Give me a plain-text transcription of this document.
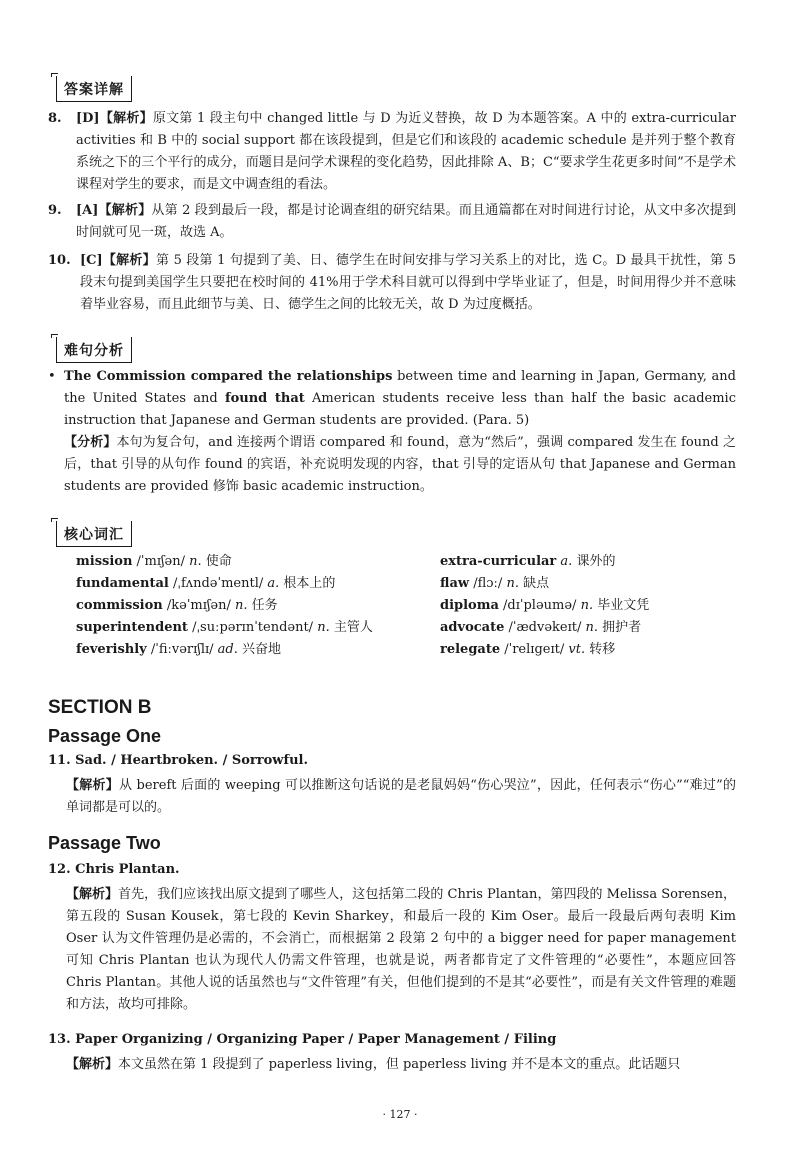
答案详解
8. [D]【解析】原文第 1 段主句中 changed little 与 D 为近义替换，故 D 为本题答案。A 中的 extra-curricular activities 和 B 中的 social support 都在该段提到，但是它们和该段的 academic schedule 是并列于整个教育系统之下的三个平行的成分，而题目是问学术课程的变化趋势，因此排除 A、B；C“要求学生花更多时间”不是学术课程对学生的要求，而是文中调查组的看法。
9. [A]【解析】从第 2 段到最后一段，都是讨论调查组的研究结果。而且通篇都在对时间进行讨论，从文中多次提到时间就可见一斑，故选 A。
10. [C]【解析】第 5 段第 1 句提到了美、日、德学生在时间安排与学习关系上的对比，选 C。D 最具干扰性，第 5 段末句提到美国学生只要把在校时间的 41%用于学术科目就可以得到中学毕业证了，但是，时间用得少并不意味着毕业容易，而且此细节与美、日、德学生之间的比较无关，故 D 为过度概括。
难句分析
• The Commission compared the relationships between time and learning in Japan, Germany, and the United States and found that American students receive less than half the basic academic instruction that Japanese and German students are provided. (Para. 5)
【分析】本句为复合句，and 连接两个谓语 compared 和 found，意为“然后”，强调 compared 发生在 found 之后，that 引导的从句作 found 的宾语，补充说明发现的内容，that 引导的定语从句 that Japanese and German students are provided 修饰 basic academic instruction。
核心词汇
mission /ˈmɪʃən/ n. 使命
fundamental /ˌfʌndəˈmentl/ a. 根本上的
commission /kəˈmɪʃən/ n. 任务
superintendent /ˌsuːpərɪnˈtendənt/ n. 主管人
feverishly /ˈfiːvərɪʃlɪ/ ad. 兴奋地
extra-curricular a. 课外的
flaw /flɔː/ n. 缺点
diploma /dɪˈpləumə/ n. 毕业文凭
advocate /ˈædvəkeɪt/ n. 拥护者
relegate /ˈrelɪgeɪt/ vt. 转移
SECTION B
Passage One
11. Sad. / Heartbroken. / Sorrowful.
【解析】从 bereft 后面的 weeping 可以推断这句话说的是老鼠妈妈“伤心哭泣”，因此，任何表示“伤心”“难过”的单词都是可以的。
Passage Two
12. Chris Plantan.
【解析】首先，我们应该找出原文提到了哪些人，这包括第二段的 Chris Plantan，第四段的 Melissa Sorensen，第五段的 Susan Kousek，第七段的 Kevin Sharkey，和最后一段的 Kim Oser。最后一段最后两句表明 Kim Oser 认为文件管理仍是必需的，不会消亡，而根据第 2 段第 2 句中的 a bigger need for paper management 可知 Chris Plantan 也认为现代人仍需文件管理，也就是说，两者都肯定了文件管理的“必要性”，本题应回答 Chris Plantan。其他人说的话虽然也与“文件管理”有关，但他们提到的不是其“必要性”，而是有关文件管理的难题和方法，故均可排除。
13. Paper Organizing / Organizing Paper / Paper Management / Filing
【解析】本文虽然在第 1 段提到了 paperless living，但 paperless living 并不是本文的重点。此话题只
· 127 ·
